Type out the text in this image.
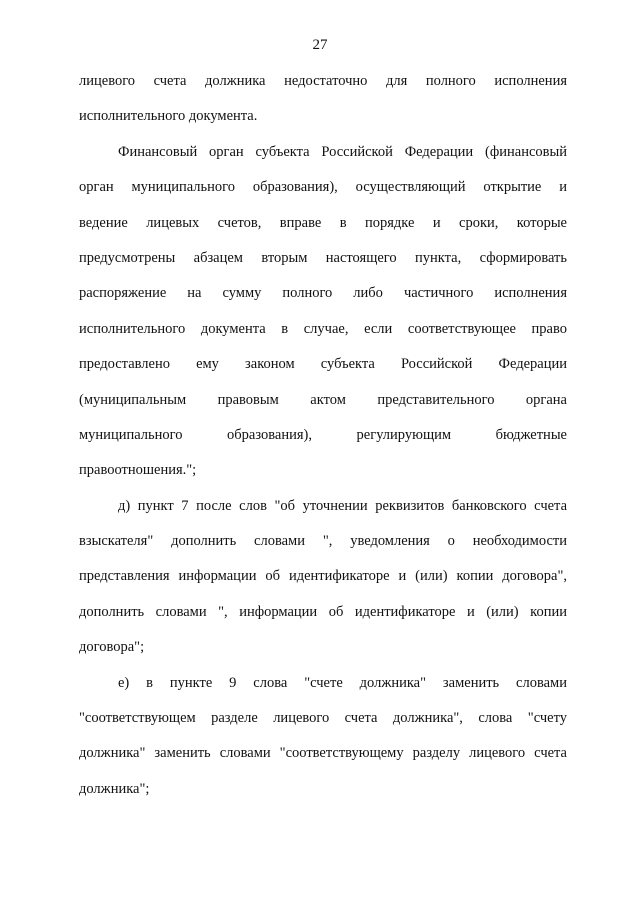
27
лицевого счета должника недостаточно для полного исполнения
исполнительного документа.
Финансовый орган субъекта Российской Федерации (финансовый
орган муниципального образования), осуществляющий открытие и
ведение лицевых счетов, вправе в порядке и сроки, которые
предусмотрены абзацем вторым настоящего пункта, сформировать
распоряжение на сумму полного либо частичного исполнения
исполнительного документа в случае, если соответствующее право
предоставлено ему законом субъекта Российской Федерации
(муниципальным правовым актом представительного органа
муниципального образования), регулирующим бюджетные
правоотношения.";
д) пункт 7 после слов "об уточнении реквизитов банковского счета
взыскателя" дополнить словами ", уведомления о необходимости
представления информации об идентификаторе и (или) копии договора",
дополнить словами ", информации об идентификаторе и (или) копии
договора";
е) в пункте 9 слова "счете должника" заменить словами
"соответствующем разделе лицевого счета должника", слова "счету
должника" заменить словами "соответствующему разделу лицевого счета
должника";
